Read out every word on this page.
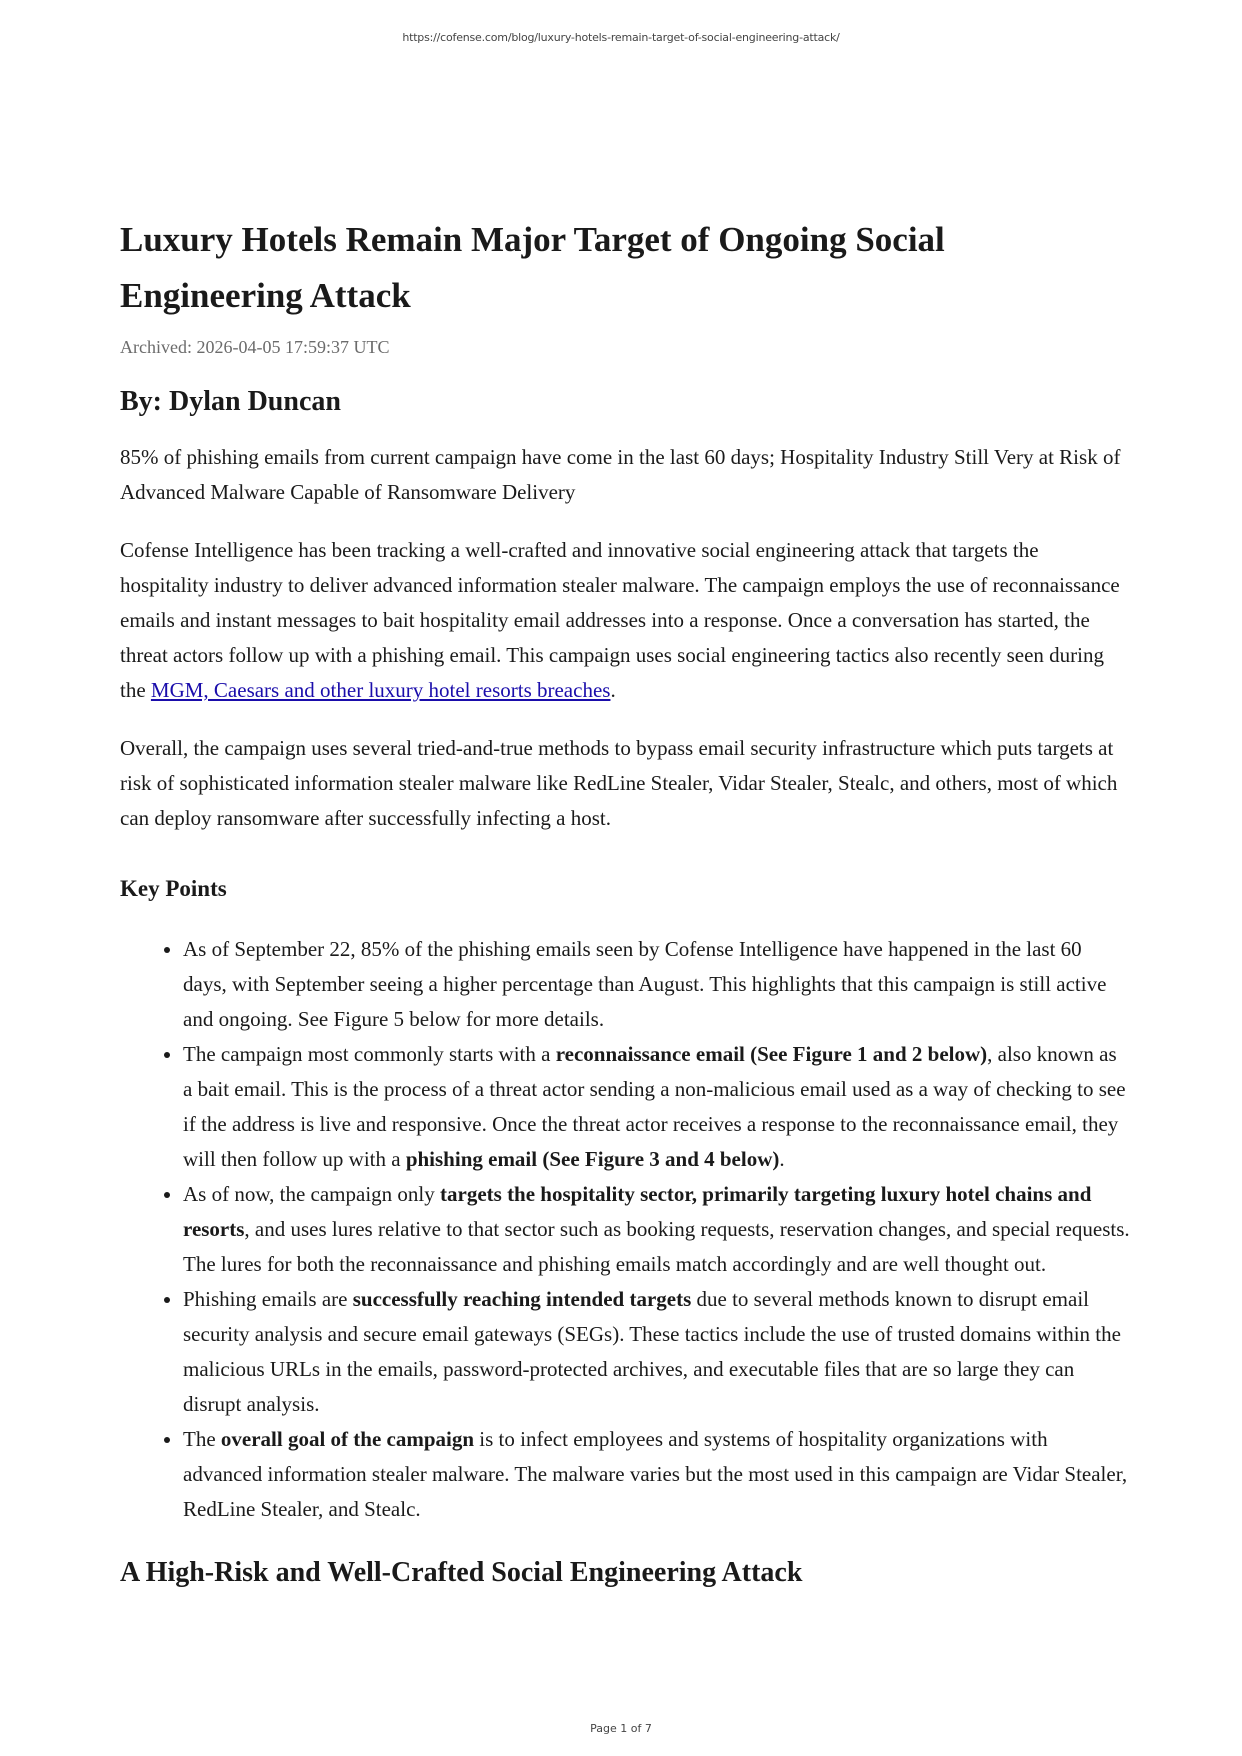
https://cofense.com/blog/luxury-hotels-remain-target-of-social-engineering-attack/
Luxury Hotels Remain Major Target of Ongoing Social Engineering Attack
Archived: 2026-04-05 17:59:37 UTC
By: Dylan Duncan

85% of phishing emails from current campaign have come in the last 60 days; Hospitality Industry Still Very at Risk of Advanced Malware Capable of Ransomware Delivery

Cofense Intelligence has been tracking a well-crafted and innovative social engineering attack that targets the hospitality industry to deliver advanced information stealer malware. The campaign employs the use of reconnaissance emails and instant messages to bait hospitality email addresses into a response. Once a conversation has started, the threat actors follow up with a phishing email. This campaign uses social engineering tactics also recently seen during the MGM, Caesars and other luxury hotel resorts breaches.

Overall, the campaign uses several tried-and-true methods to bypass email security infrastructure which puts targets at risk of sophisticated information stealer malware like RedLine Stealer, Vidar Stealer, Stealc, and others, most of which can deploy ransomware after successfully infecting a host.

Key Points
• As of September 22, 85% of the phishing emails seen by Cofense Intelligence have happened in the last 60 days, with September seeing a higher percentage than August. This highlights that this campaign is still active and ongoing. See Figure 5 below for more details.
• The campaign most commonly starts with a reconnaissance email (See Figure 1 and 2 below), also known as a bait email. This is the process of a threat actor sending a non-malicious email used as a way of checking to see if the address is live and responsive. Once the threat actor receives a response to the reconnaissance email, they will then follow up with a phishing email (See Figure 3 and 4 below).
• As of now, the campaign only targets the hospitality sector, primarily targeting luxury hotel chains and resorts, and uses lures relative to that sector such as booking requests, reservation changes, and special requests. The lures for both the reconnaissance and phishing emails match accordingly and are well thought out.
• Phishing emails are successfully reaching intended targets due to several methods known to disrupt email security analysis and secure email gateways (SEGs). These tactics include the use of trusted domains within the malicious URLs in the emails, password-protected archives, and executable files that are so large they can disrupt analysis.
• The overall goal of the campaign is to infect employees and systems of hospitality organizations with advanced information stealer malware. The malware varies but the most used in this campaign are Vidar Stealer, RedLine Stealer, and Stealc.
A High-Risk and Well-Crafted Social Engineering Attack
Page 1 of 7
